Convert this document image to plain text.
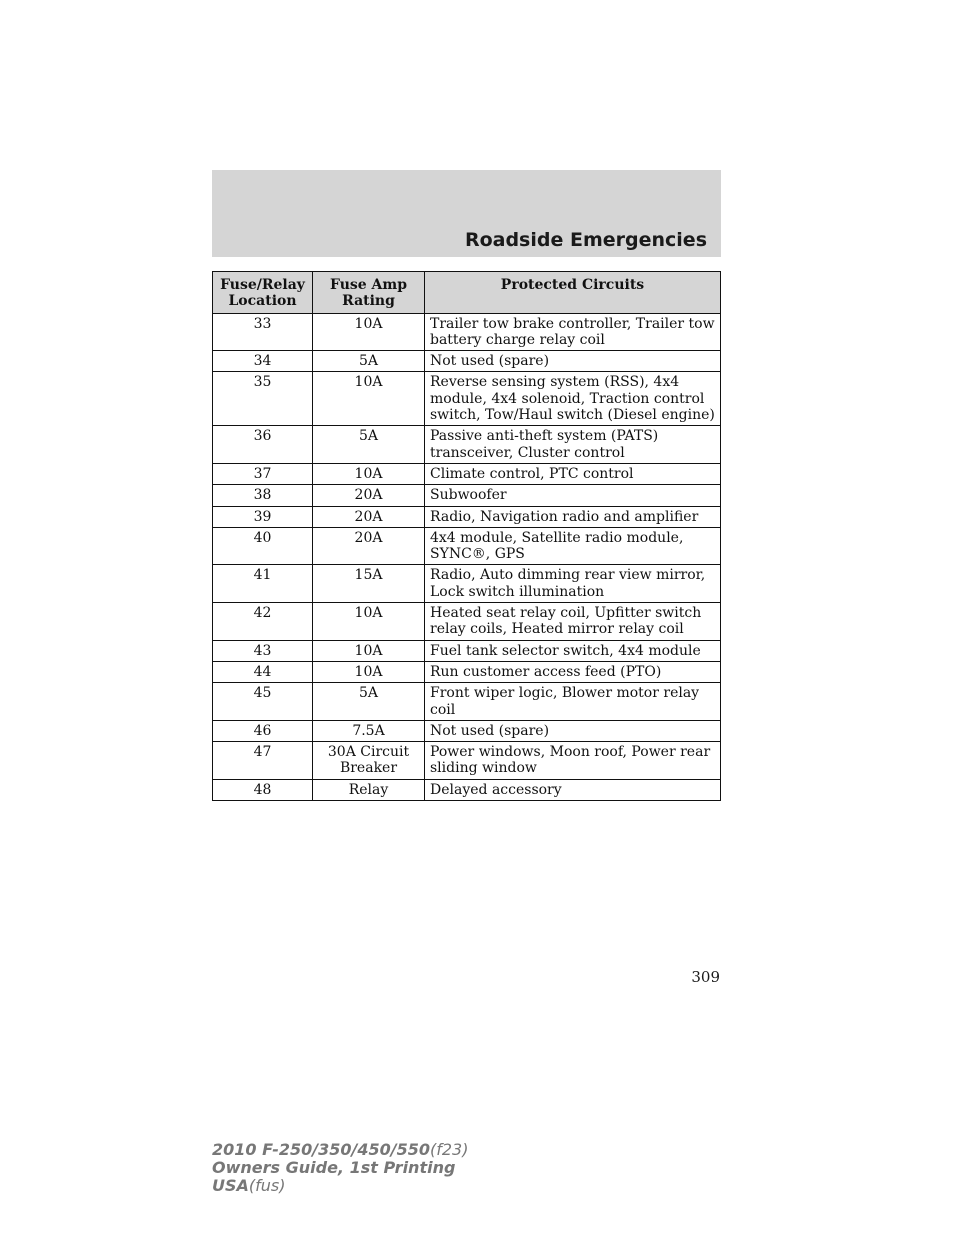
Roadside Emergencies
Fuse/Relay Location	Fuse Amp Rating	Protected Circuits
33	10A	Trailer tow brake controller, Trailer tow battery charge relay coil
34	5A	Not used (spare)
35	10A	Reverse sensing system (RSS), 4x4 module, 4x4 solenoid, Traction control switch, Tow/Haul switch (Diesel engine)
36	5A	Passive anti-theft system (PATS) transceiver, Cluster control
37	10A	Climate control, PTC control
38	20A	Subwoofer
39	20A	Radio, Navigation radio and amplifier
40	20A	4x4 module, Satellite radio module, SYNC®, GPS
41	15A	Radio, Auto dimming rear view mirror, Lock switch illumination
42	10A	Heated seat relay coil, Upfitter switch relay coils, Heated mirror relay coil
43	10A	Fuel tank selector switch, 4x4 module
44	10A	Run customer access feed (PTO)
45	5A	Front wiper logic, Blower motor relay coil
46	7.5A	Not used (spare)
47	30A Circuit Breaker	Power windows, Moon roof, Power rear sliding window
48	Relay	Delayed accessory
309
2010 F-250/350/450/550(f23)
Owners Guide, 1st Printing
USA(fus)
